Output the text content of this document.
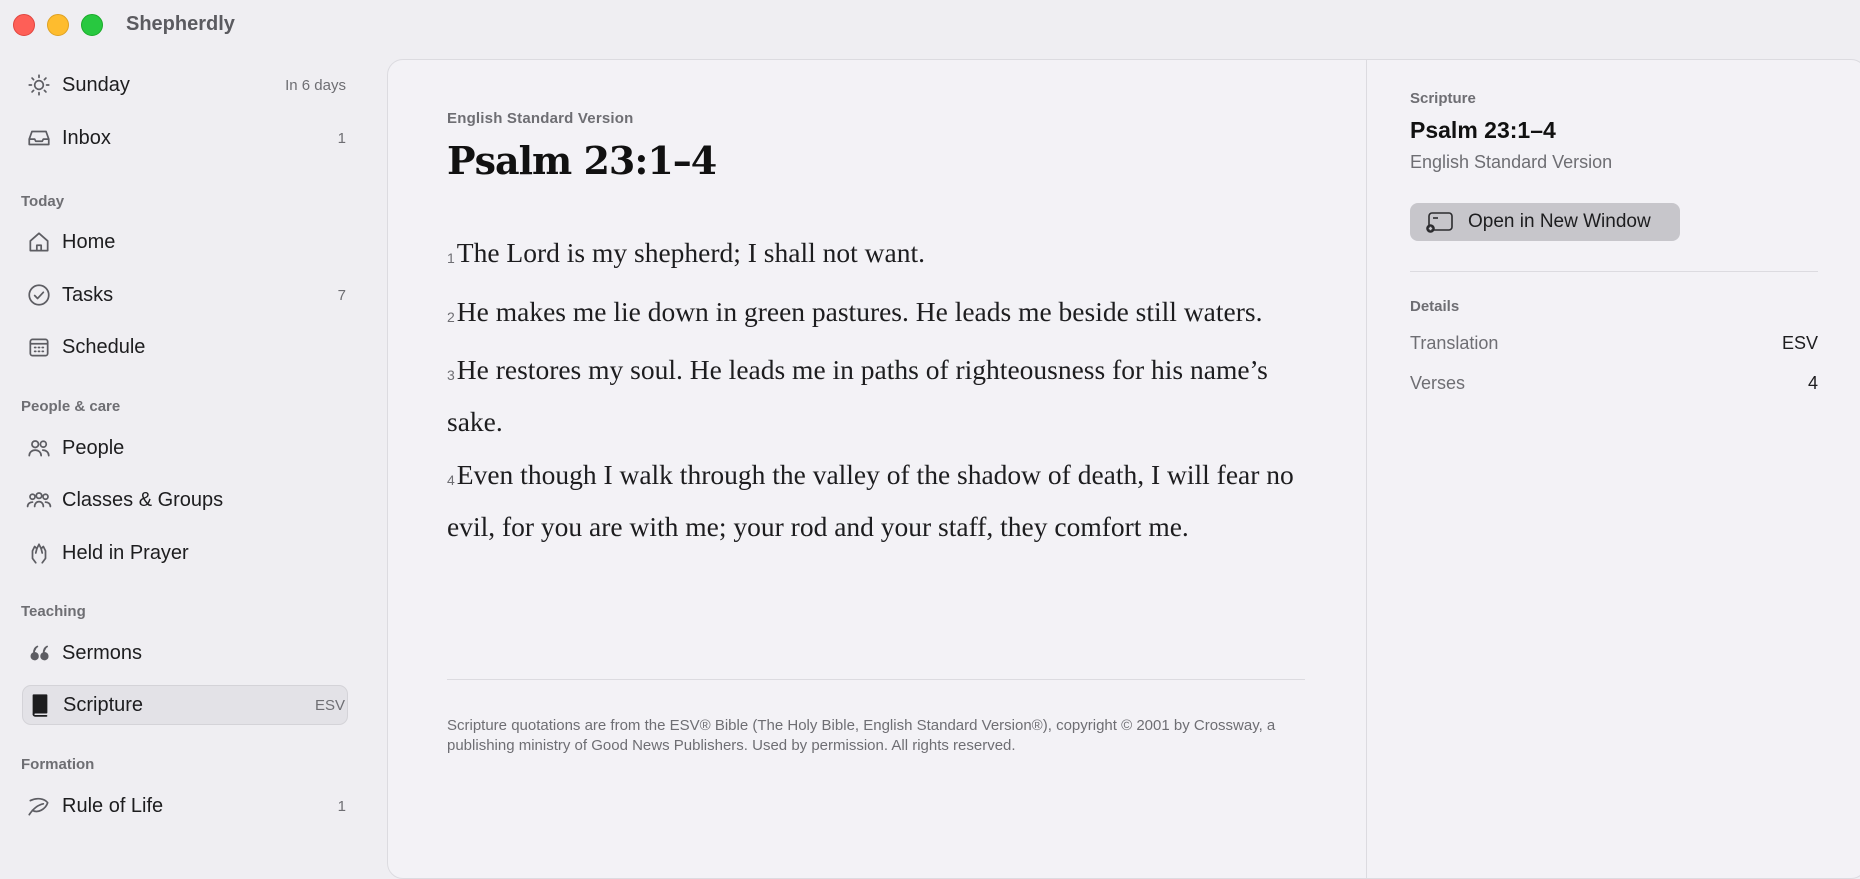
Shepherdly
Sunday	In 6 days
Inbox	1
Today
Home
Tasks	7
Schedule
People & care
People
Classes & Groups
Held in Prayer
Teaching
Sermons
Scripture	ESV
Formation
Rule of Life	1
English Standard Version
Psalm 23:1–4

1The Lord is my shepherd; I shall not want.

2He makes me lie down in green pastures. He leads me beside still waters.

3He restores my soul. He leads me in paths of righteousness for his name’s sake.

4Even though I walk through the valley of the shadow of death, I will fear no evil, for you are with me; your rod and your staff, they comfort me.

Scripture quotations are from the ESV® Bible (The Holy Bible, English Standard Version®), copyright © 2001 by Crossway, a publishing ministry of Good News Publishers. Used by permission. All rights reserved.
Scripture
Psalm 23:1–4
English Standard Version
Open in New Window
Details
Translation	ESV
Verses	4
